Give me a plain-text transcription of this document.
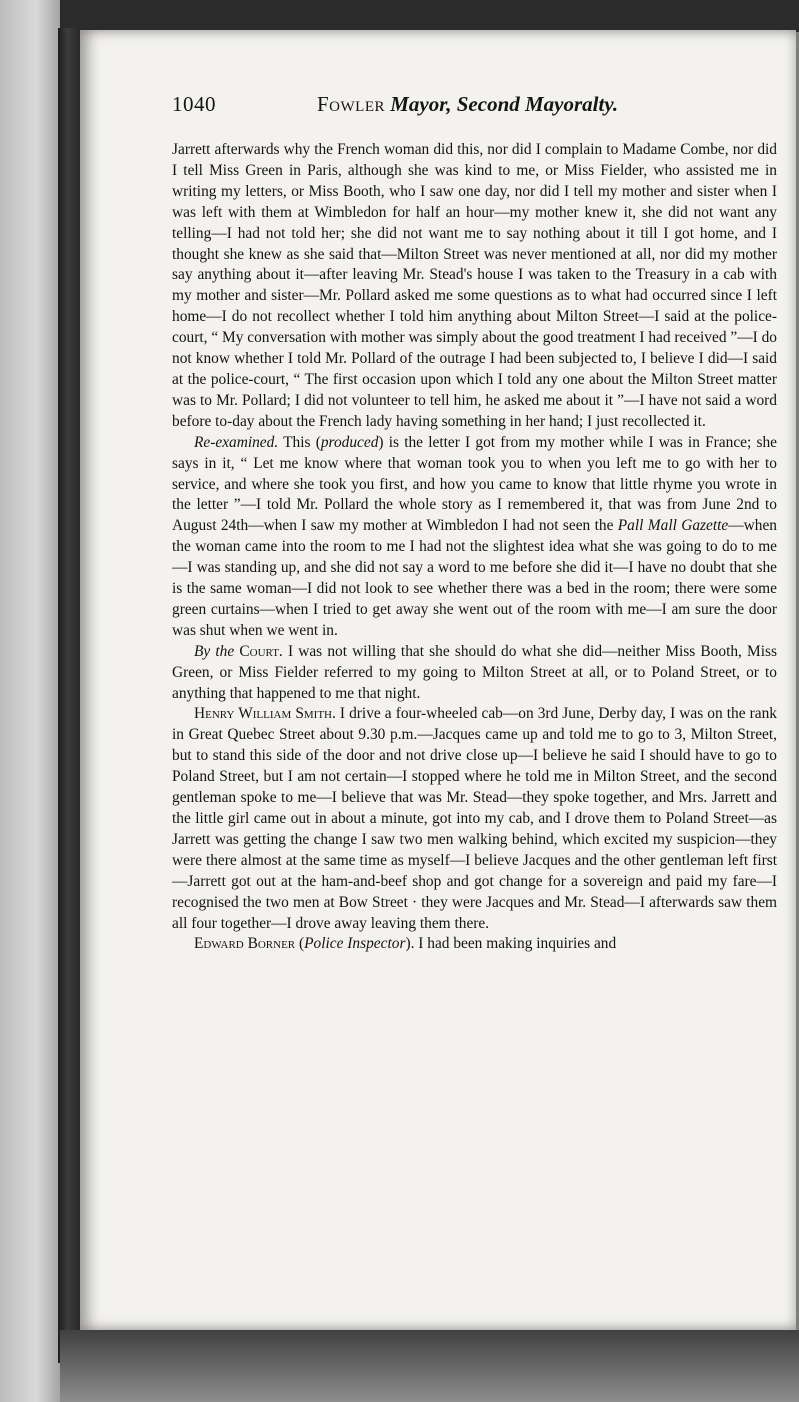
1040	Fowler Mayor, Second Mayoralty.

Jarrett afterwards why the French woman did this, nor did I complain to Madame Combe, nor did I tell Miss Green in Paris, although she was kind to me, or Miss Fielder, who assisted me in writing my letters, or Miss Booth, who I saw one day, nor did I tell my mother and sister when I was left with them at Wimbledon for half an hour—my mother knew it, she did not want any telling—I had not told her; she did not want me to say nothing about it till I got home, and I thought she knew as she said that—Milton Street was never mentioned at all, nor did my mother say anything about it—after leaving Mr. Stead's house I was taken to the Treasury in a cab with my mother and sister—Mr. Pollard asked me some questions as to what had occurred since I left home—I do not recollect whether I told him anything about Milton Street—I said at the police-court, “ My conversation with mother was simply about the good treatment I had received ”—I do not know whether I told Mr. Pollard of the outrage I had been subjected to, I believe I did—I said at the police-court, “ The first occasion upon which I told any one about the Milton Street matter was to Mr. Pollard; I did not volunteer to tell him, he asked me about it ”—I have not said a word before to-day about the French lady having something in her hand; I just recollected it.

Re-examined. This (produced) is the letter I got from my mother while I was in France; she says in it, “ Let me know where that woman took you to when you left me to go with her to service, and where she took you first, and how you came to know that little rhyme you wrote in the letter ”—I told Mr. Pollard the whole story as I remembered it, that was from June 2nd to August 24th—when I saw my mother at Wimbledon I had not seen the Pall Mall Gazette—when the woman came into the room to me I had not the slightest idea what she was going to do to me—I was standing up, and she did not say a word to me before she did it—I have no doubt that she is the same woman—I did not look to see whether there was a bed in the room; there were some green curtains—when I tried to get away she went out of the room with me—I am sure the door was shut when we went in.

By the Court. I was not willing that she should do what she did—neither Miss Booth, Miss Green, or Miss Fielder referred to my going to Milton Street at all, or to Poland Street, or to anything that happened to me that night.

Henry William Smith. I drive a four-wheeled cab—on 3rd June, Derby day, I was on the rank in Great Quebec Street about 9.30 p.m.—Jacques came up and told me to go to 3, Milton Street, but to stand this side of the door and not drive close up—I believe he said I should have to go to Poland Street, but I am not certain—I stopped where he told me in Milton Street, and the second gentleman spoke to me—I believe that was Mr. Stead—they spoke together, and Mrs. Jarrett and the little girl came out in about a minute, got into my cab, and I drove them to Poland Street—as Jarrett was getting the change I saw two men walking behind, which excited my suspicion—they were there almost at the same time as myself—I believe Jacques and the other gentleman left first—Jarrett got out at the ham-and-beef shop and got change for a sovereign and paid my fare—I recognised the two men at Bow Street · they were Jacques and Mr. Stead—I afterwards saw them all four together—I drove away leaving them there.

Edward Borner (Police Inspector). I had been making inquiries and
